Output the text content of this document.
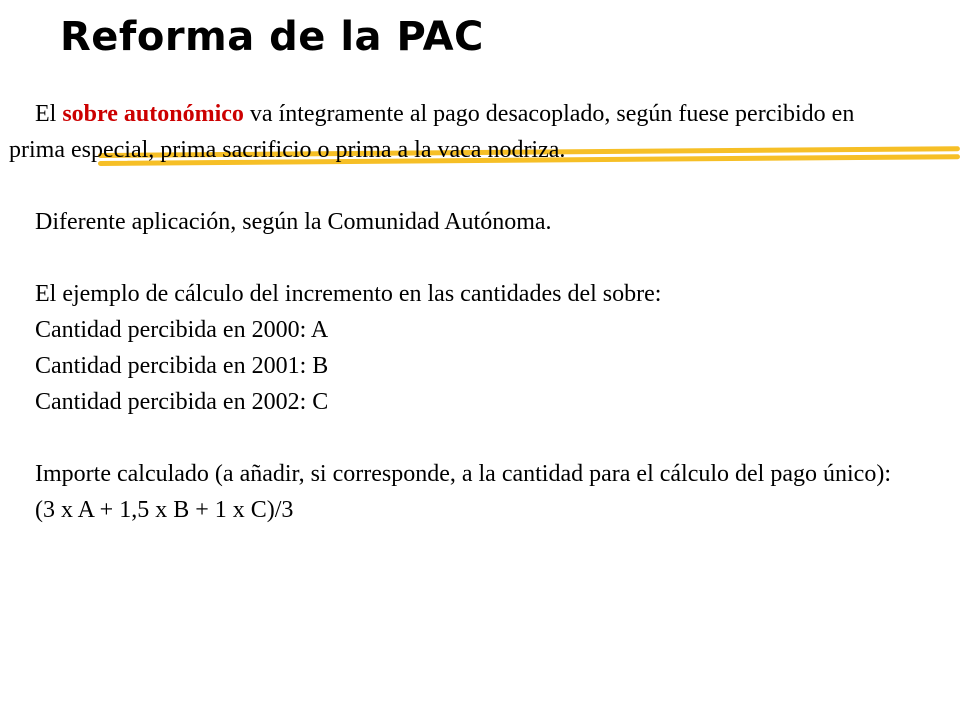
Reforma de la PAC

El sobre autonómico va íntegramente al pago desacoplado, según fuese percibido en prima especial, prima sacrificio o prima a la vaca nodriza.

Diferente aplicación, según la Comunidad Autónoma.

El ejemplo de cálculo del incremento en las cantidades del sobre:

Cantidad percibida en 2000: A

Cantidad percibida en 2001: B

Cantidad percibida en 2002: C

Importe calculado (a añadir, si corresponde, a la cantidad para el cálculo del pago único):

(3 x A + 1,5 x B + 1 x C)/3
